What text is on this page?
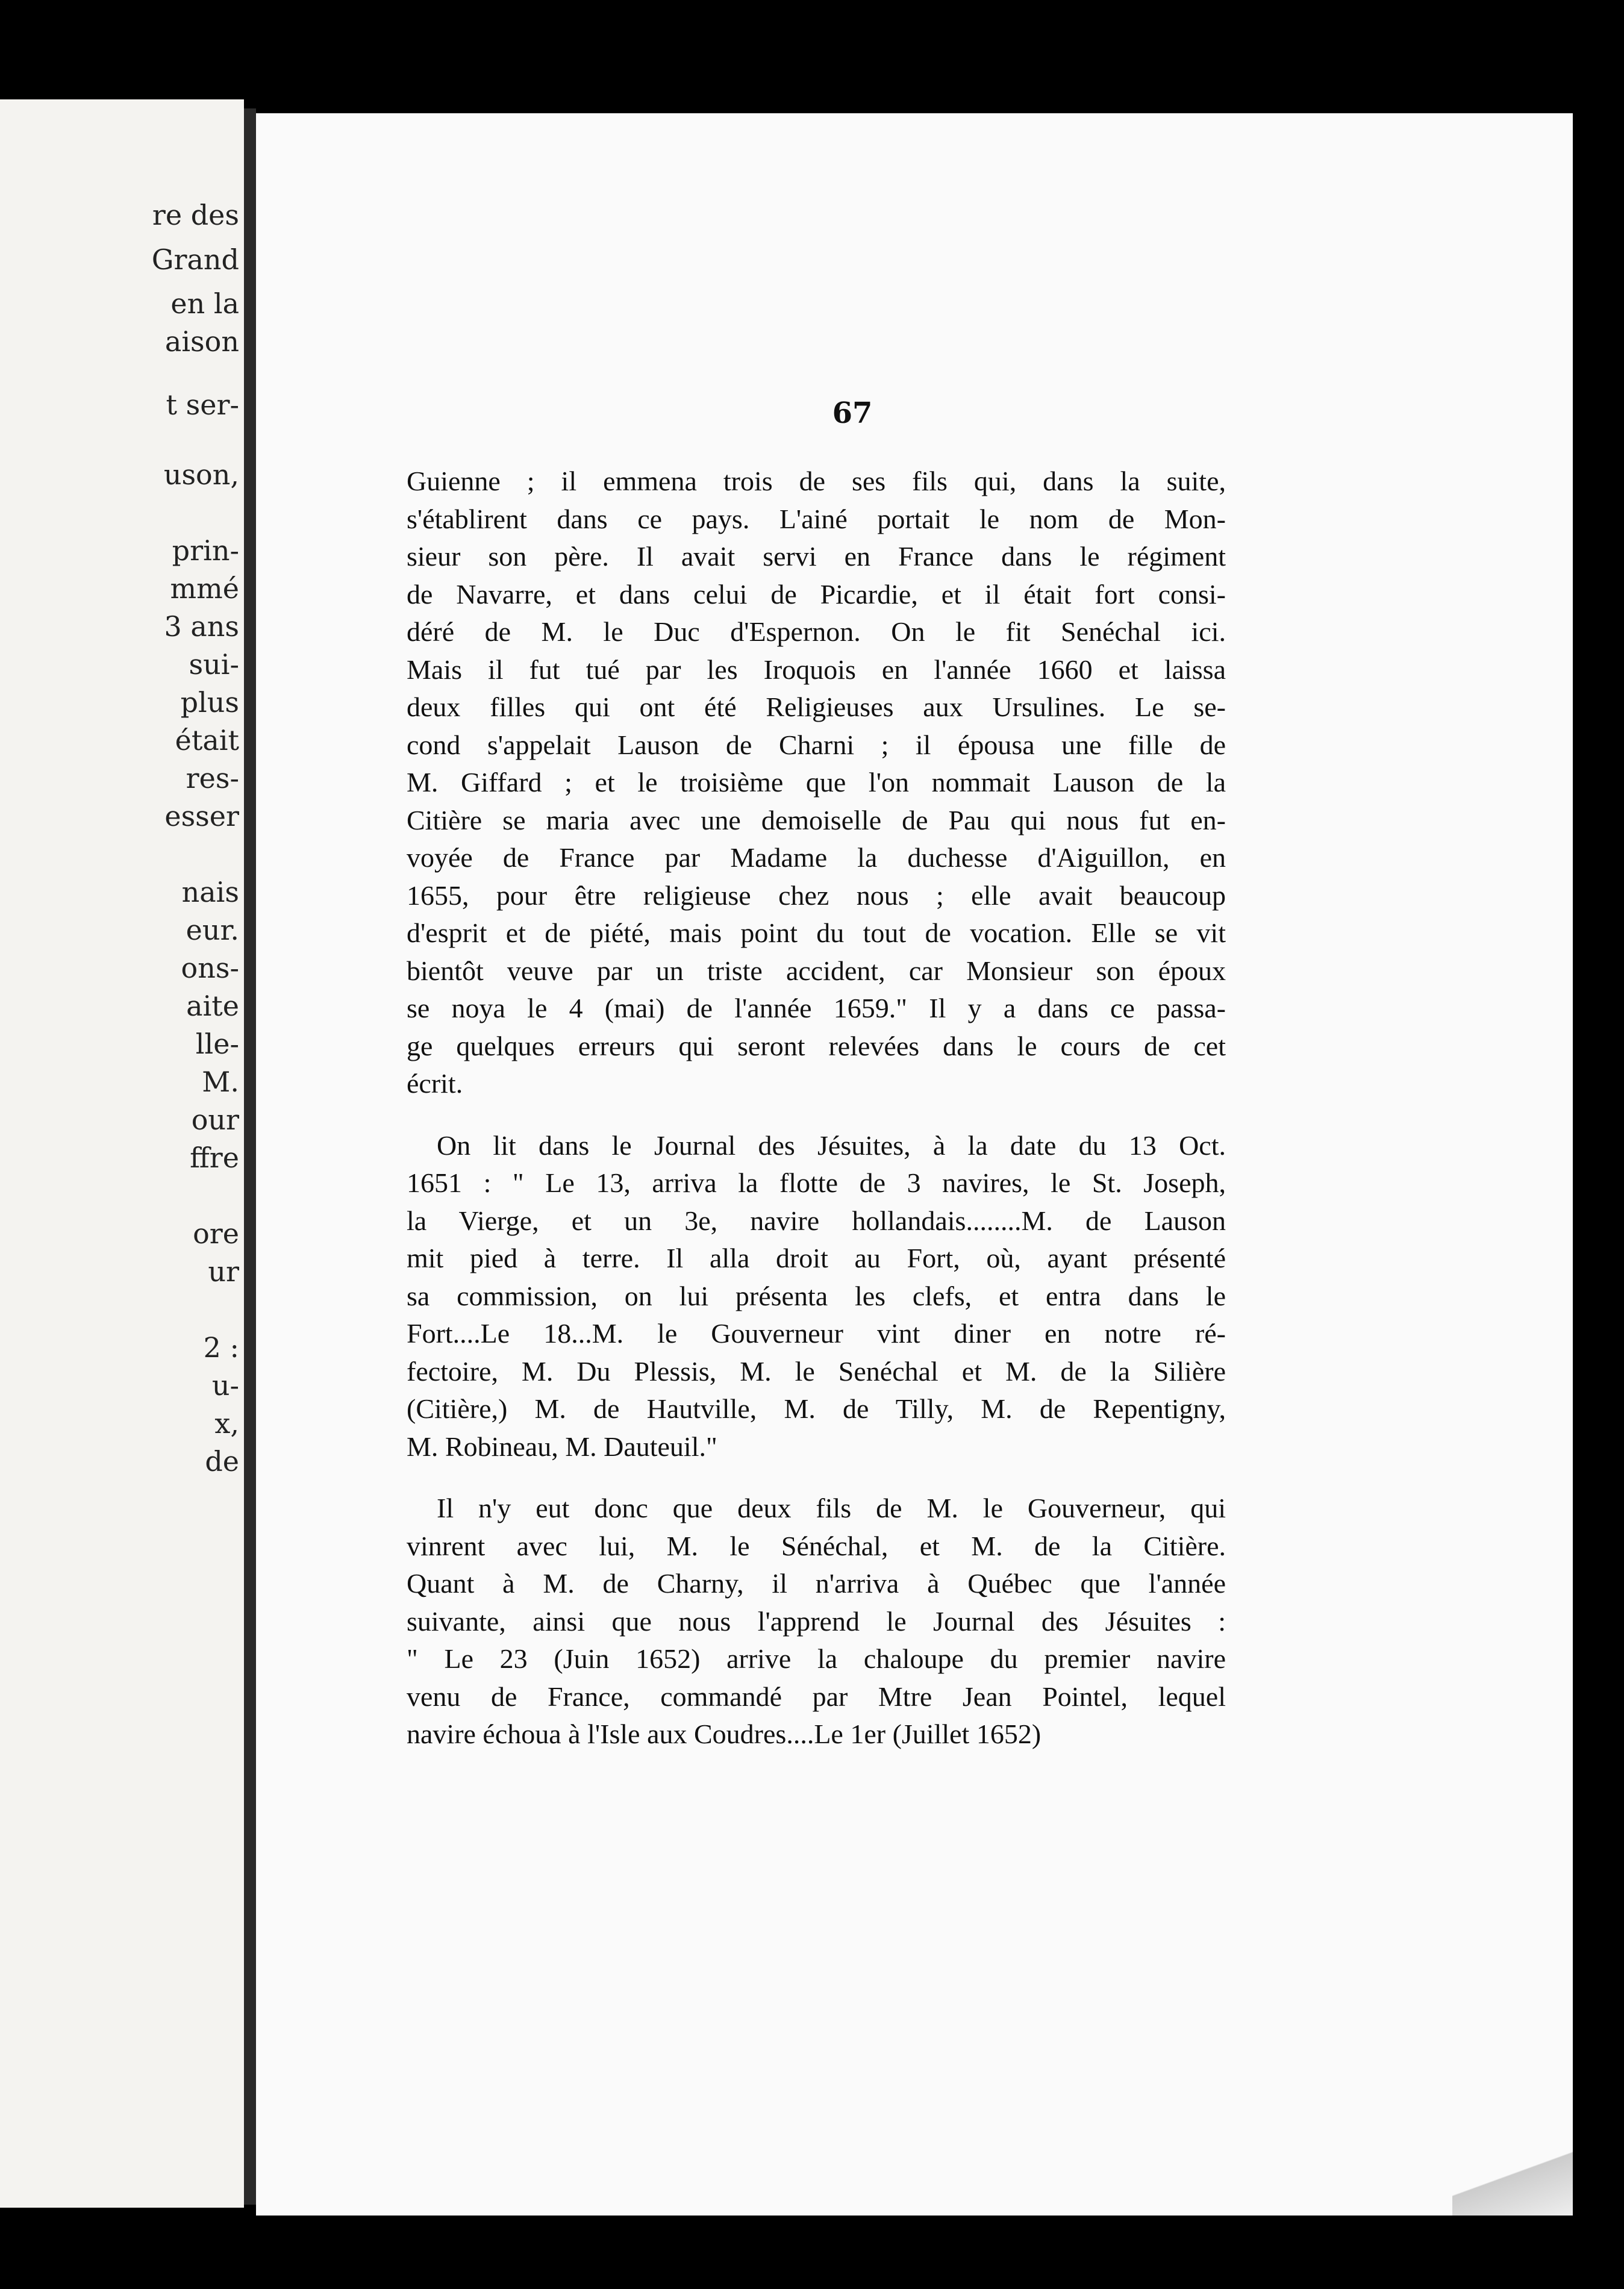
re des
Grand
en la
aison
t ser-
uson,
prin-
mmé
3 ans
sui-
plus
était
res-
esser
nais
eur.
ons-
aite
lle-
M.
our
ffre
ore
ur
2 :
u-
x,
de
67
Guienne ; il emmena trois de ses fils qui, dans la suite,
s'établirent dans ce pays. L'ainé portait le nom de Mon-
sieur son père. Il avait servi en France dans le régiment
de Navarre, et dans celui de Picardie, et il était fort consi-
déré de M. le Duc d'Espernon. On le fit Senéchal ici.
Mais il fut tué par les Iroquois en l'année 1660 et laissa
deux filles qui ont été Religieuses aux Ursulines. Le se-
cond s'appelait Lauson de Charni ; il épousa une fille de
M. Giffard ; et le troisième que l'on nommait Lauson de la
Citière se maria avec une demoiselle de Pau qui nous fut en-
voyée de France par Madame la duchesse d'Aiguillon, en
1655, pour être religieuse chez nous ; elle avait beaucoup
d'esprit et de piété, mais point du tout de vocation. Elle se vit
bientôt veuve par un triste accident, car Monsieur son époux
se noya le 4 (mai) de l'année 1659." Il y a dans ce passa-
ge quelques erreurs qui seront relevées dans le cours de cet
écrit.
On lit dans le Journal des Jésuites, à la date du 13 Oct.
1651 : " Le 13, arriva la flotte de 3 navires, le St. Joseph,
la Vierge, et un 3e, navire hollandais........M. de Lauson
mit pied à terre. Il alla droit au Fort, où, ayant présenté
sa commission, on lui présenta les clefs, et entra dans le
Fort....Le 18...M. le Gouverneur vint diner en notre ré-
fectoire, M. Du Plessis, M. le Senéchal et M. de la Silière
(Citière,) M. de Hautville, M. de Tilly, M. de Repentigny,
M. Robineau, M. Dauteuil."
Il n'y eut donc que deux fils de M. le Gouverneur, qui
vinrent avec lui, M. le Sénéchal, et M. de la Citière.
Quant à M. de Charny, il n'arriva à Québec que l'année
suivante, ainsi que nous l'apprend le Journal des Jésuites :
" Le 23 (Juin 1652) arrive la chaloupe du premier navire
venu de France, commandé par Mtre Jean Pointel, lequel
navire échoua à l'Isle aux Coudres....Le 1er (Juillet 1652)
